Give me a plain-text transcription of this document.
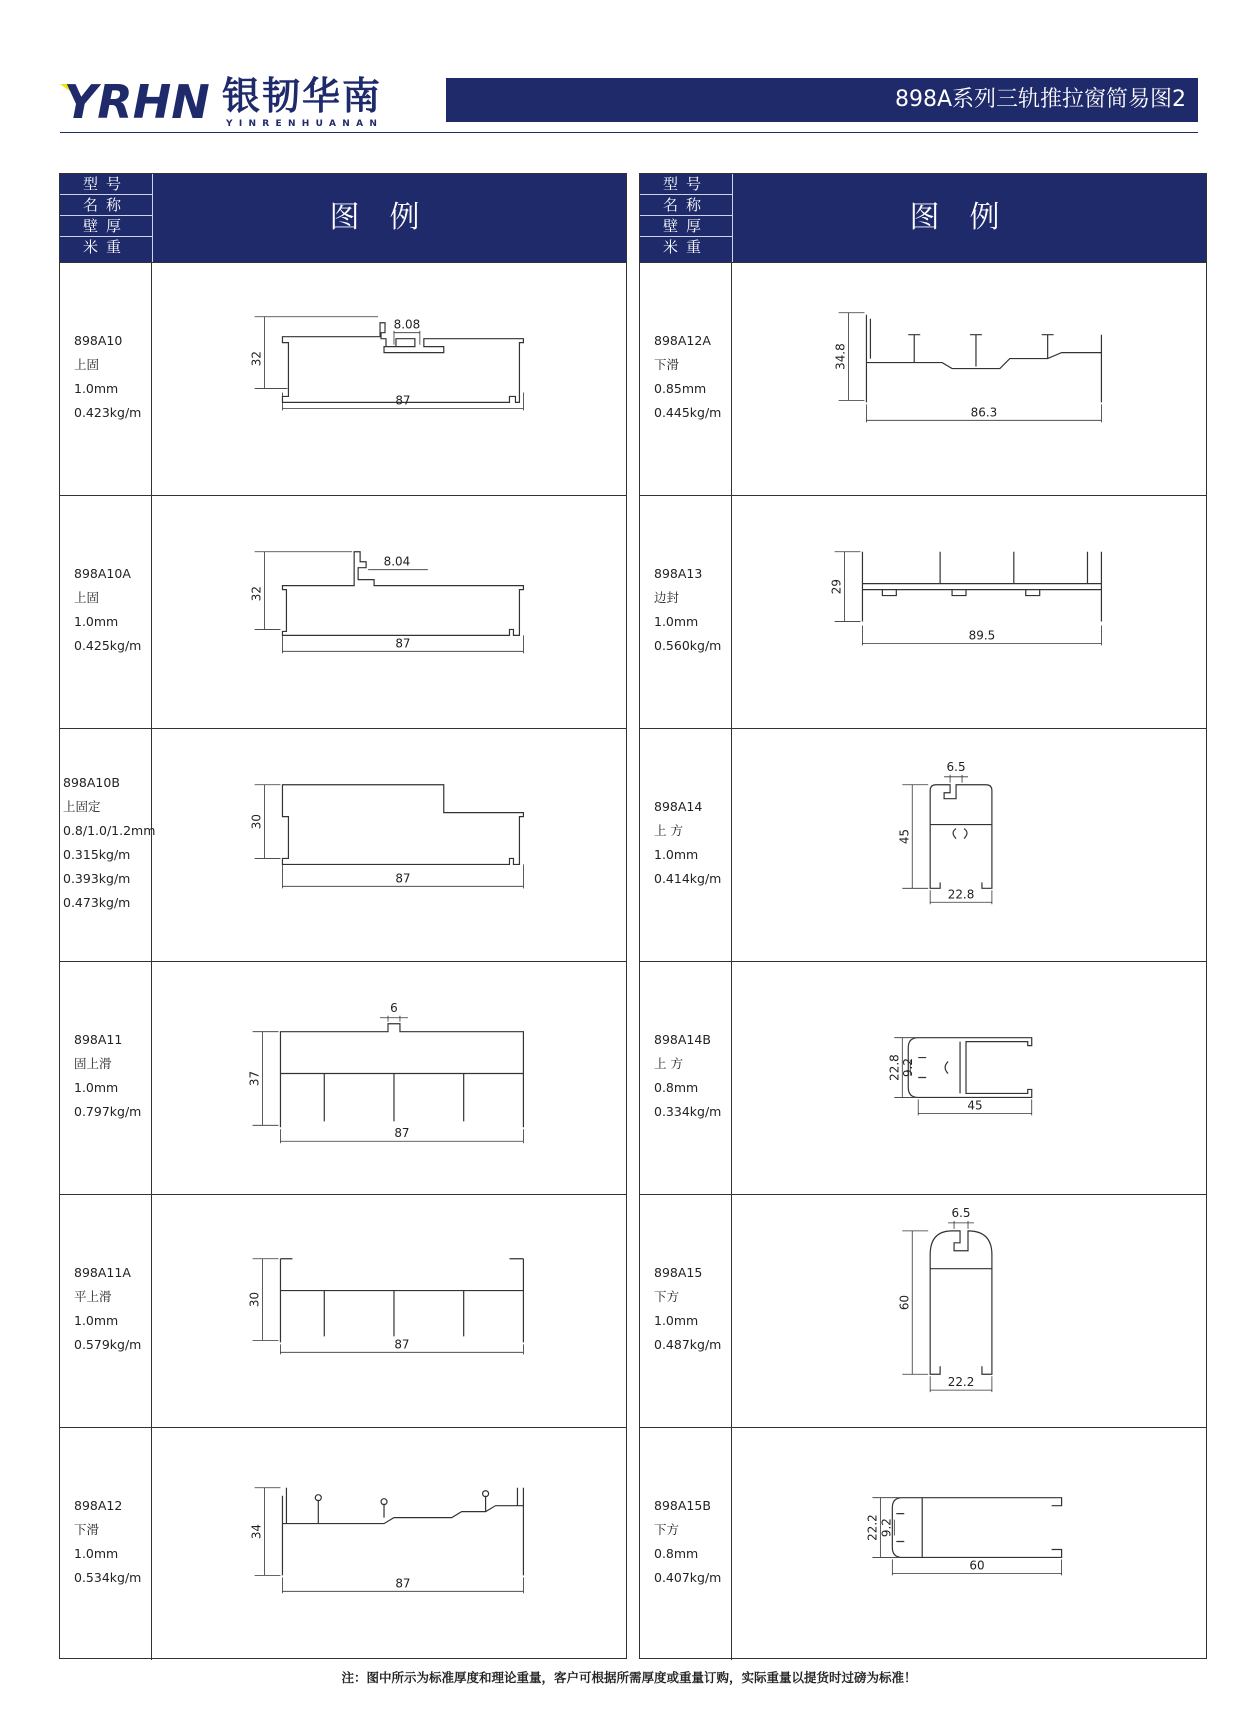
YRHN 银韧华南
YINRENHUANAN
898A系列三轨推拉窗简易图2
型号
名称
壁厚
米重
图例
898A10
上固
1.0mm
0.423kg/m
32
87
8.08
898A10A
上固
1.0mm
0.425kg/m
32
87
8.04
898A10B
上固定
0.8/1.0/1.2mm
0.315kg/m
0.393kg/m
0.473kg/m
30
87
898A11
固上滑
1.0mm
0.797kg/m
37
87
6
898A11A
平上滑
1.0mm
0.579kg/m
30
87
898A12
下滑
1.0mm
0.534kg/m
34
87
型号
名称
壁厚
米重
图例
898A12A
下滑
0.85mm
0.445kg/m
34.8
86.3
898A13
边封
1.0mm
0.560kg/m
29
89.5
898A14
上 方
1.0mm
0.414kg/m
45
22.8
6.5
898A14B
上 方
0.8mm
0.334kg/m
22.8 9.2
45
898A15
下方
1.0mm
0.487kg/m
60
22.2
6.5
898A15B
下方
0.8mm
0.407kg/m
22.2 9.2
60
注：图中所示为标准厚度和理论重量，客户可根据所需厚度或重量订购，实际重量以提货时过磅为标准！
